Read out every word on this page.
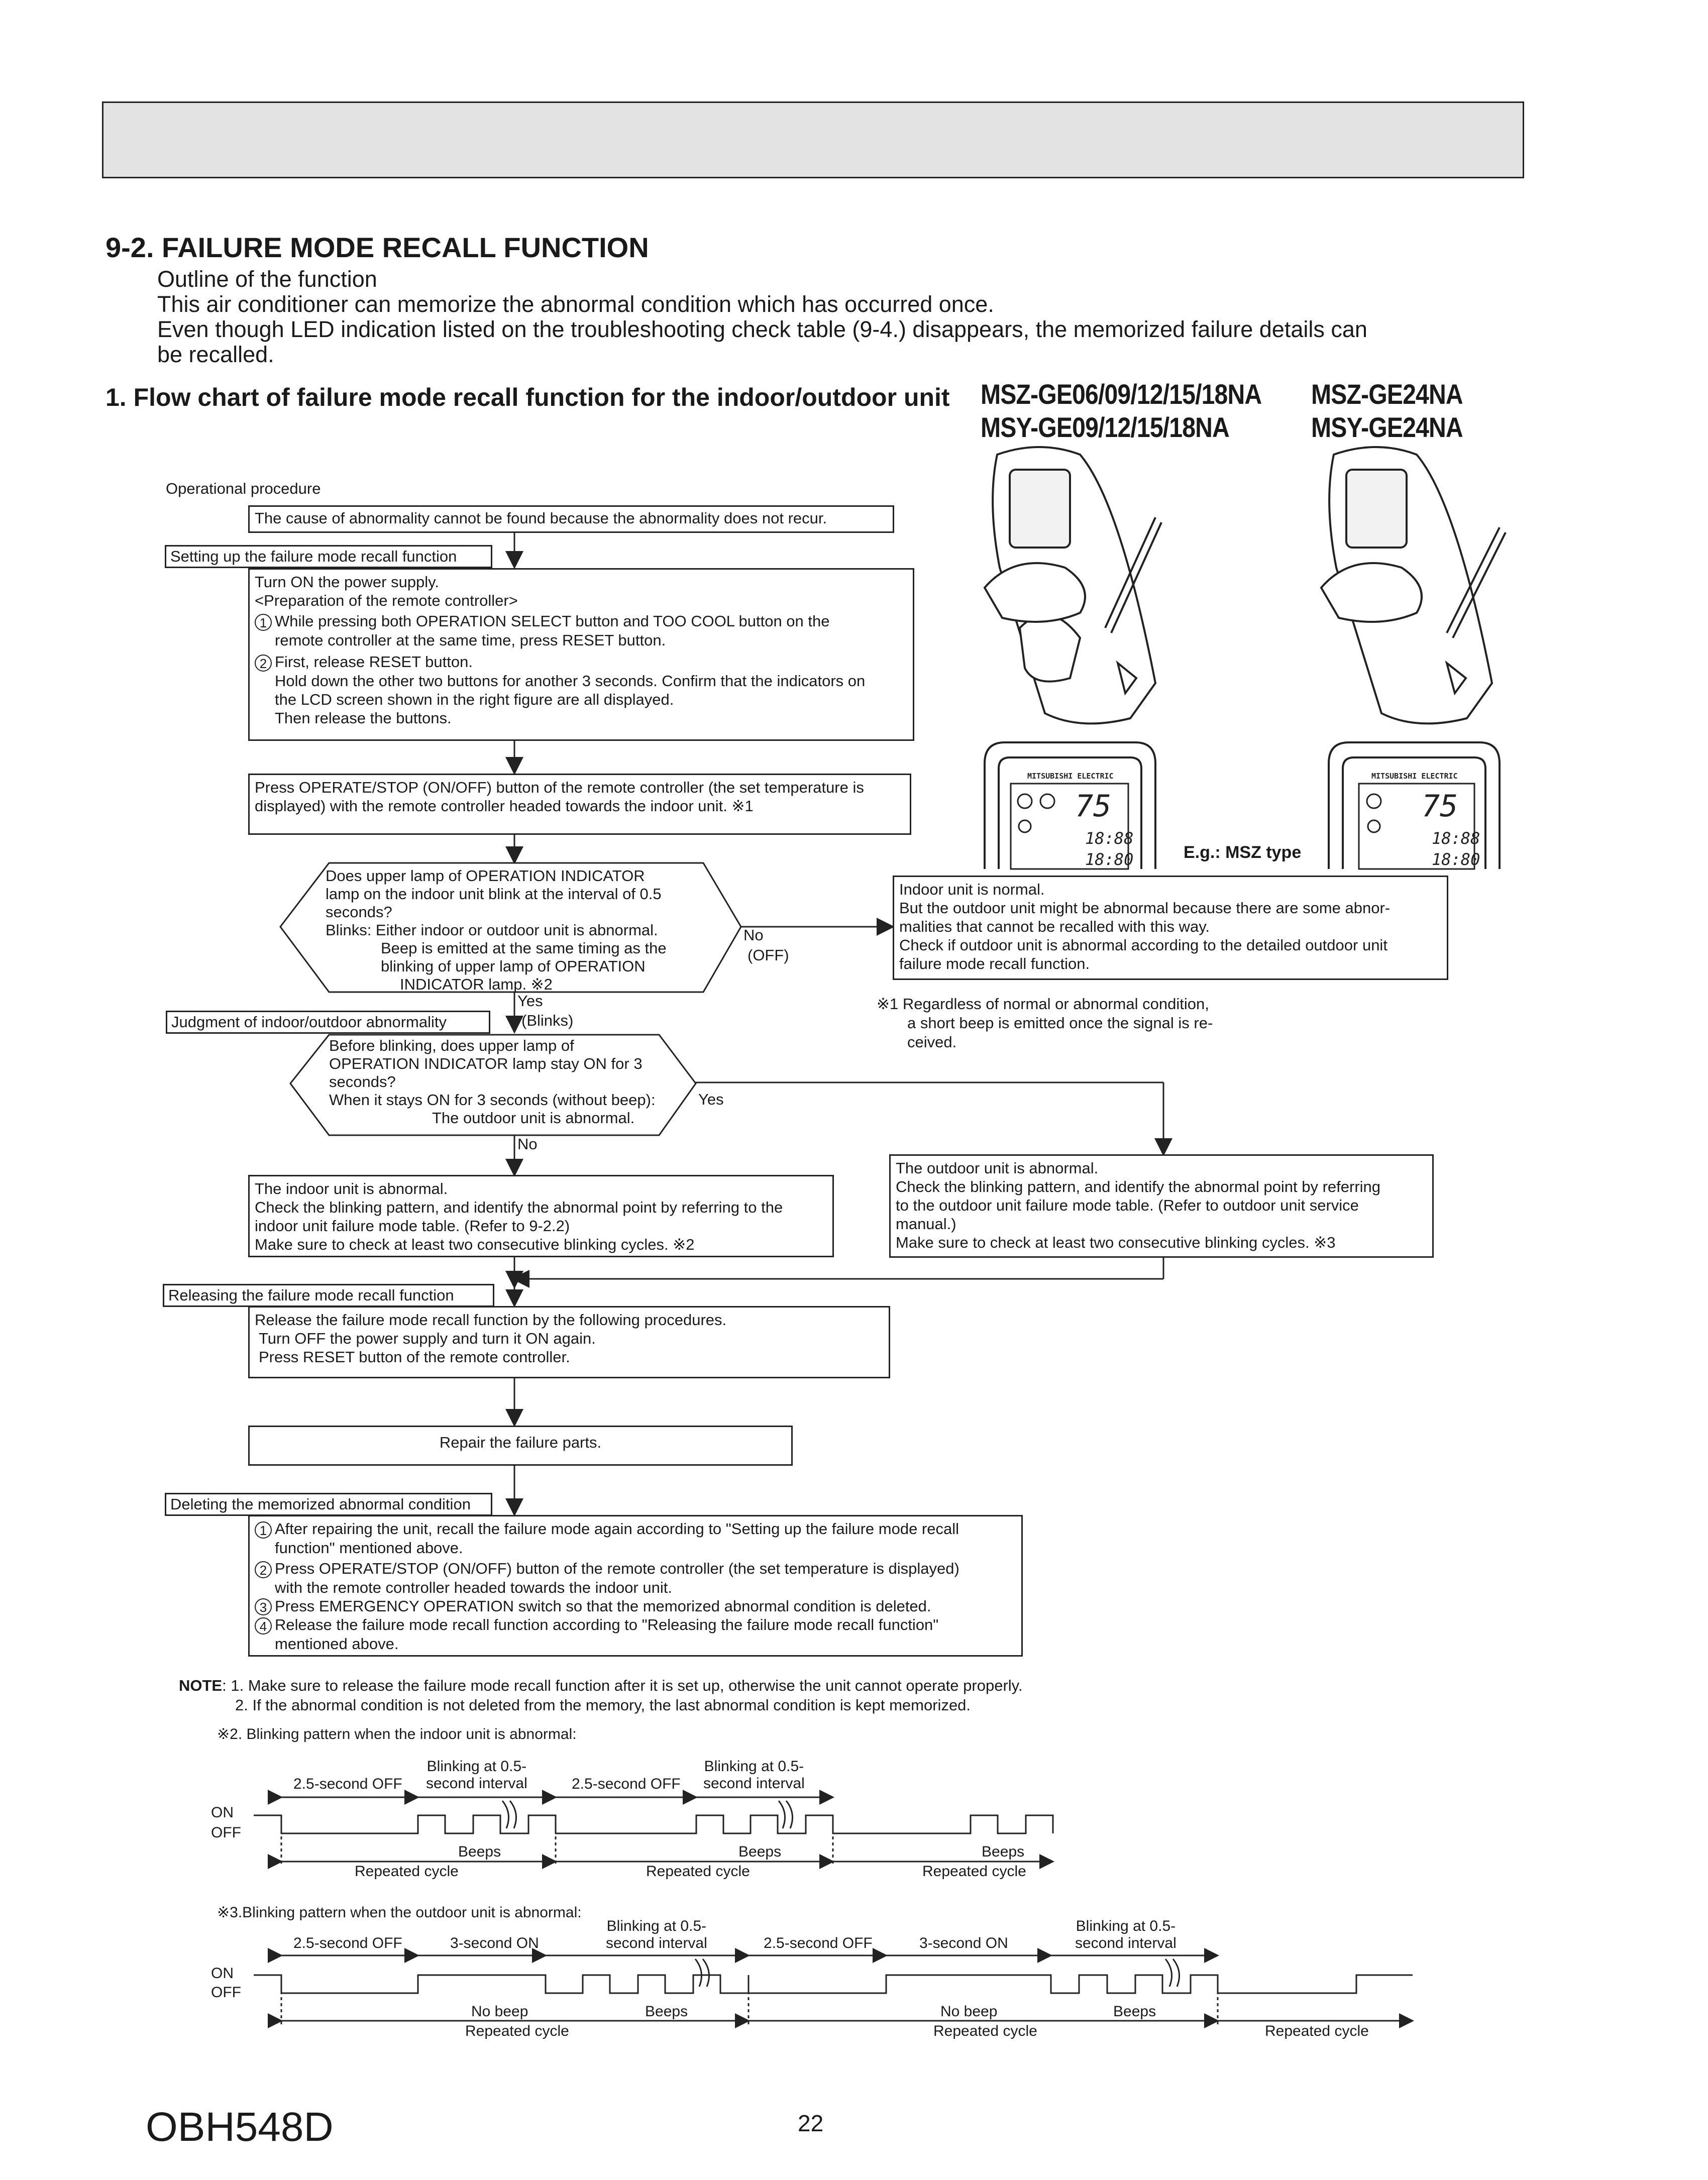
9-2. FAILURE MODE RECALL FUNCTION
Outline of the function
This air conditioner can memorize the abnormal condition which has occurred once.
Even though LED indication listed on the troubleshooting check table (9-4.) disappears, the memorized failure details can
be recalled.
1. Flow chart of failure mode recall function for the indoor/outdoor unit MSZ-GE06/09/12/15/18NA
MSY-GE09/12/15/18NA
MSZ-GE24NA
MSY-GE24NA
Operational procedure

The cause of abnormality cannot be found because the abnormality does not recur.

Setting up the failure mode recall function

Turn ON the power supply.

<Preparation of the remote controller>

1 While pressing both OPERATION SELECT button and TOO COOL button on the

remote controller at the same time, press RESET button.

2 First, release RESET button.

Hold down the other two buttons for another 3 seconds. Confirm that the indicators on

the LCD screen shown in the right figure are all displayed.

Then release the buttons.

Press OPERATE/STOP (ON/OFF) button of the remote controller (the set temperature is

displayed) with the remote controller headed towards the indoor unit. ※1

Does upper lamp of OPERATION INDICATOR
lamp on the indoor unit blink at the interval of 0.5
seconds?
Blinks: Either indoor or outdoor unit is abnormal.
Beep is emitted at the same timing as the
blinking of upper lamp of OPERATION
INDICATOR lamp. ※2
No
(OFF)
Yes
(Blinks)

Indoor unit is normal.

But the outdoor unit might be abnormal because there are some abnor-

malities that cannot be recalled with this way.

Check if outdoor unit is abnormal according to the detailed outdoor unit

failure mode recall function.

※1 Regardless of normal or abnormal condition,
a short beep is emitted once the signal is re-
ceived.
Judgment of indoor/outdoor abnormality
Before blinking, does upper lamp of
OPERATION INDICATOR lamp stay ON for 3
seconds?
When it stays ON for 3 seconds (without beep):
The outdoor unit is abnormal.
Yes
No

The indoor unit is abnormal.

Check the blinking pattern, and identify the abnormal point by referring to the

indoor unit failure mode table. (Refer to 9-2.2)

Make sure to check at least two consecutive blinking cycles. ※2

The outdoor unit is abnormal.

Check the blinking pattern, and identify the abnormal point by referring

to the outdoor unit failure mode table. (Refer to outdoor unit service

manual.)

Make sure to check at least two consecutive blinking cycles. ※3

Releasing the failure mode recall function

Release the failure mode recall function by the following procedures.

Turn OFF the power supply and turn it ON again.

Press RESET button of the remote controller.

Repair the failure parts.
Deleting the memorized abnormal condition

1 After repairing the unit, recall the failure mode again according to "Setting up the failure mode recall

function" mentioned above.

2 Press OPERATE/STOP (ON/OFF) button of the remote controller (the set temperature is displayed)

with the remote controller headed towards the indoor unit.

3 Press EMERGENCY OPERATION switch so that the memorized abnormal condition is deleted.

4 Release the failure mode recall function according to "Releasing the failure mode recall function"

mentioned above.

NOTE: 1. Make sure to release the failure mode recall function after it is set up, otherwise the unit cannot operate properly.
2. If the abnormal condition is not deleted from the memory, the last abnormal condition is kept memorized.
MITSUBISHI ELECTRIC	MITSUBISHI ELECTRIC
75	75
18:88
18:80
18:88
18:80
E.g.: MSZ type
※2. Blinking pattern when the indoor unit is abnormal:
2.5-second OFF
Blinking at 0.5-
second interval	2.5-second OFF
Blinking at 0.5-
second interval
ON
OFF
Beeps	Beeps	Beeps
Repeated cycle	Repeated cycle	Repeated cycle
※3.Blinking pattern when the outdoor unit is abnormal:
2.5-second OFF	3-second ON
Blinking at 0.5-
second interval	2.5-second OFF	3-second ON
Blinking at 0.5-
second interval
ON
OFF
No beep	Beeps	No beep	Beeps
Repeated cycle	Repeated cycle	Repeated cycle
OBH548D	22
